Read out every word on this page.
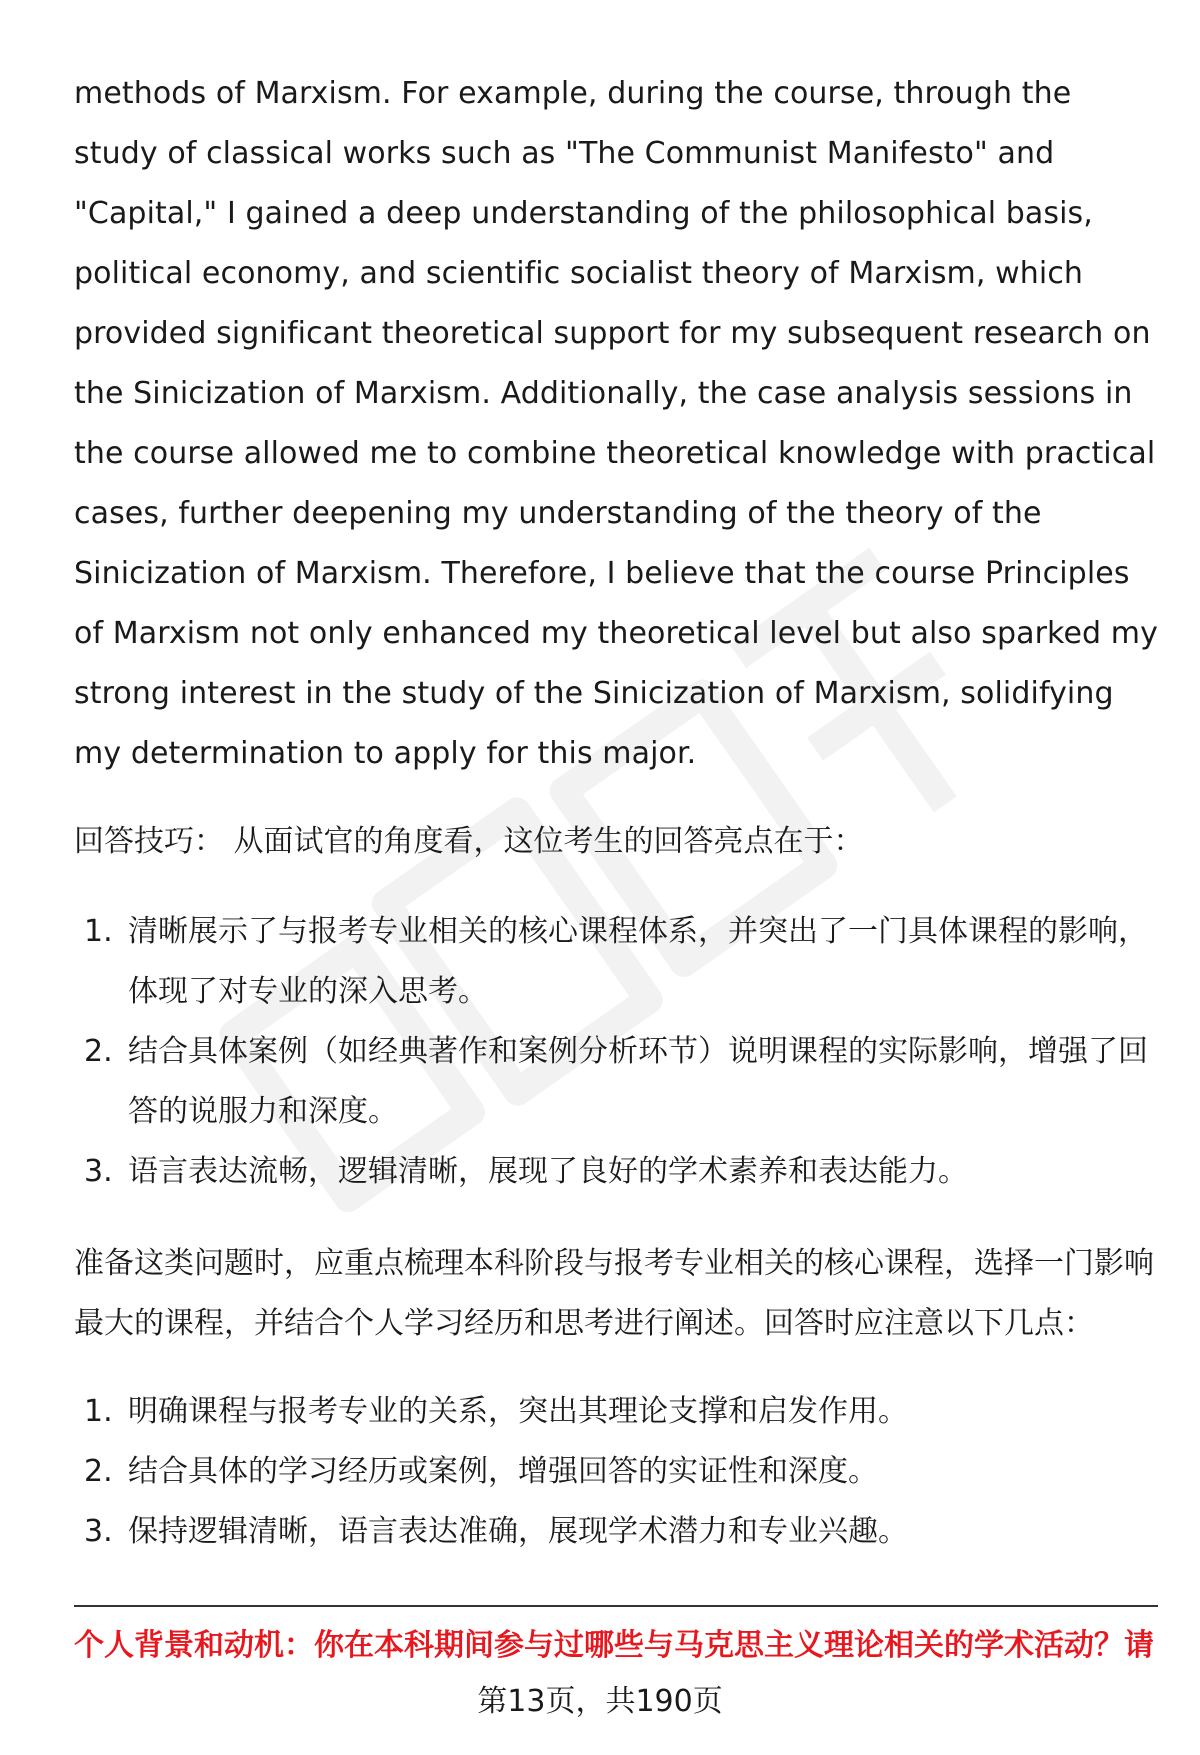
methods of Marxism. For example, during the course, through the study of classical works such as "The Communist Manifesto" and "Capital," I gained a deep understanding of the philosophical basis, political economy, and scientific socialist theory of Marxism, which provided significant theoretical support for my subsequent research on the Sinicization of Marxism. Additionally, the case analysis sessions in the course allowed me to combine theoretical knowledge with practical cases, further deepening my understanding of the theory of the Sinicization of Marxism. Therefore, I believe that the course Principles of Marxism not only enhanced my theoretical level but also sparked my strong interest in the study of the Sinicization of Marxism, solidifying my determination to apply for this major.

回答技巧： 从面试官的角度看，这位考生的回答亮点在于：

1. 清晰展示了与报考专业相关的核心课程体系，并突出了一门具体课程的影响，体现了对专业的深入思考。
2. 结合具体案例（如经典著作和案例分析环节）说明课程的实际影响，增强了回答的说服力和深度。
3. 语言表达流畅，逻辑清晰，展现了良好的学术素养和表达能力。

准备这类问题时，应重点梳理本科阶段与报考专业相关的核心课程，选择一门影响最大的课程，并结合个人学习经历和思考进行阐述。回答时应注意以下几点：

1. 明确课程与报考专业的关系，突出其理论支撑和启发作用。
2. 结合具体的学习经历或案例，增强回答的实证性和深度。
3. 保持逻辑清晰，语言表达准确，展现学术潜力和专业兴趣。
个人背景和动机：你在本科期间参与过哪些与马克思主义理论相关的学术活动？请
第13页，共190页
